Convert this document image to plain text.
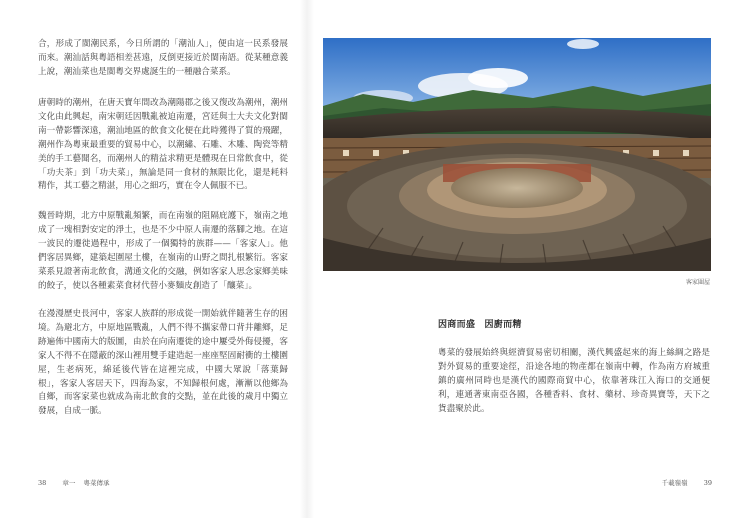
合，形成了閩潮民系，今日所謂的「潮汕人」，便由這一民系發展而來。潮汕話與粵語相差甚遠，反倒更接近於閩南語。從某種意義上說，潮汕菜也是閩粵交界處誕生的一種融合菜系。

唐朝時的潮州，在唐天寶年間改為潮陽郡之後又復改為潮州，潮州文化由此興起，南宋朝廷因戰亂被迫南遷，宮廷與士大夫文化對閩南一帶影響深遠，潮汕地區的飲食文化便在此時獲得了質的飛躍，潮州作為粵東最重要的貿易中心，以潮繡、石雕、木雕、陶瓷等精美的手工藝聞名，而潮州人的精益求精更是體現在日常飲食中，從「功夫茶」到「功夫菜」，無論是同一食材的無限比化，還是耗料精作，其工藝之精湛，用心之細巧，實在令人佩服不已。

魏晉時期，北方中原戰亂頻繁，而在南嶺的阻隔庇護下，嶺南之地成了一塊相對安定的淨土，也是不少中原人南遷的落腳之地。在這一波民的遷徙過程中，形成了一個獨特的族群——「客家人」。他們客居異鄉，建築起圍屋土樓，在嶺南的山野之間扎根繁衍。客家菜系見證著南北飲食，溝通文化的交融，例如客家人思念家鄉美味的餃子，使以各種素菜食材代替小麥麵皮創造了「釀菜」。

在漫漫歷史長河中，客家人族群的形成從一開始就伴隨著生存的困境。為避北方，中原地區戰亂，人們不得不攜家帶口背井離鄉，足跡遍佈中國南大的版圖，由於在向南遷徙的途中屢受外侮侵擾，客家人不得不在隱蔽的深山裡用雙手建造起一座座堅固耐衝的土樓圍屋，生老病死，綿延後代皆在這裡完成，中國大眾說「落葉歸根」，客家人客居天下，四海為家，不知歸根何處，漸漸以他鄉為自鄉，而客家菜也就成為南北飲食的交點，並在此後的歲月中獨立發展，自成一脈。

客家圍屋
因商而盛　因廚而精

粵菜的發展始終與經濟貿易密切相關，漢代興盛起來的海上絲綢之路是對外貿易的重要途徑，沿途各地的物產都在嶺南中轉，作為南方府城重鎮的廣州同時也是漢代的國際商貿中心，依靠著珠江入海口的交通便利，連通著東南亞各國，各種香料、食材、藥材、珍奇異寶等，天下之貨盡聚於此。

38 章一 粵菜傳承	千載嶺嶺 39
